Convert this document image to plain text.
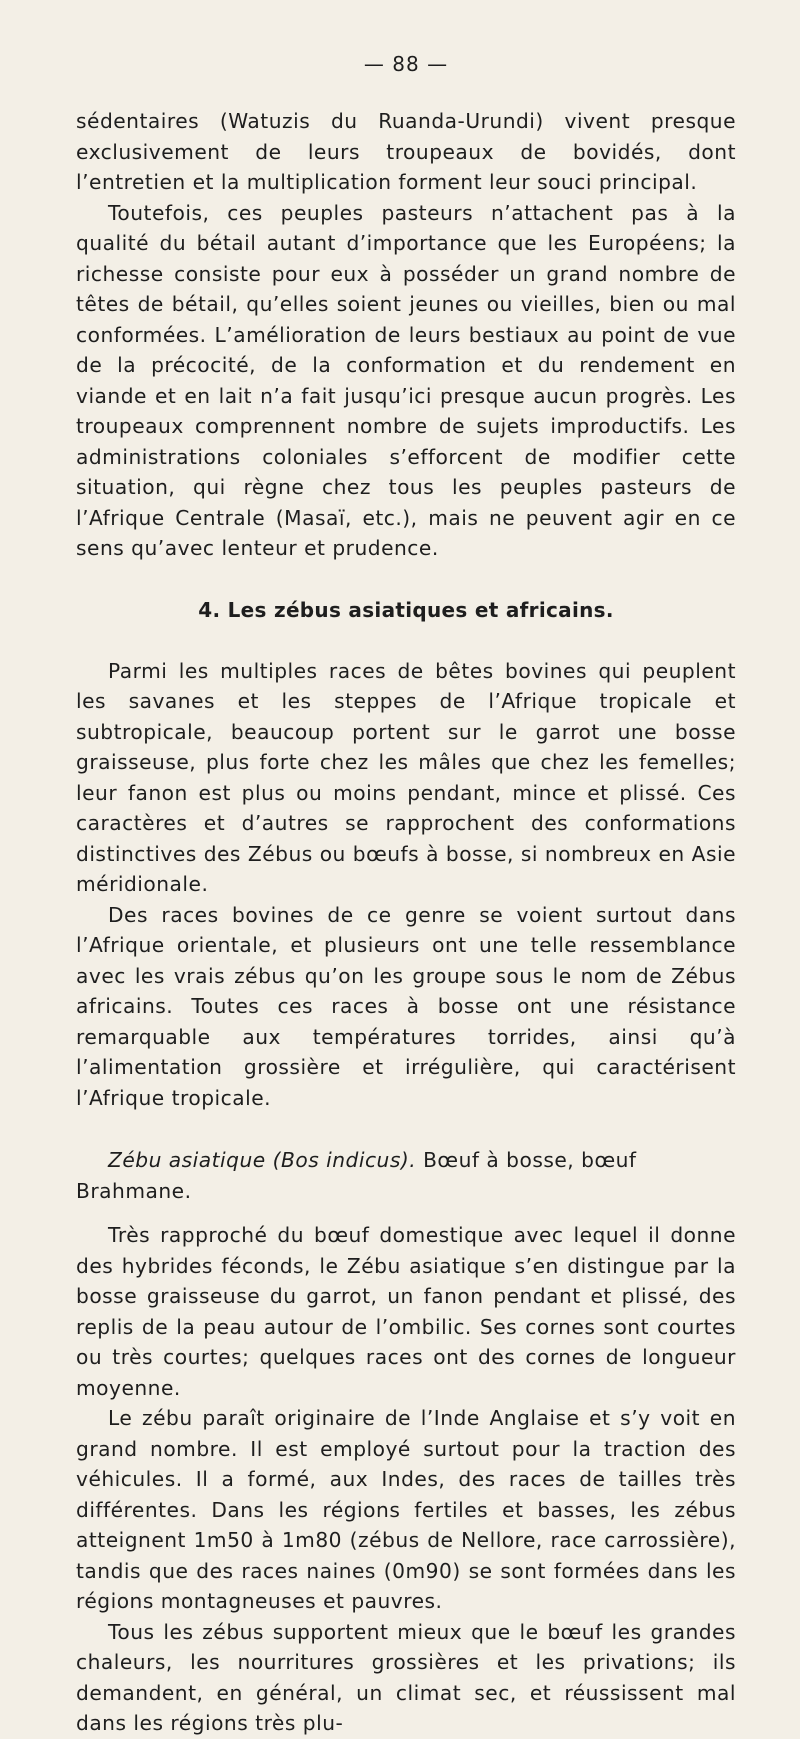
— 88 —

sédentaires (Watuzis du Ruanda-Urundi) vivent presque exclusivement de leurs troupeaux de bovidés, dont l’entretien et la multiplication forment leur souci principal.

Toutefois, ces peuples pasteurs n’attachent pas à la qualité du bétail autant d’importance que les Européens; la richesse consiste pour eux à posséder un grand nombre de têtes de bétail, qu’elles soient jeunes ou vieilles, bien ou mal conformées. L’amélioration de leurs bestiaux au point de vue de la précocité, de la conformation et du rendement en viande et en lait n’a fait jusqu’ici presque aucun progrès. Les troupeaux comprennent nombre de sujets improductifs. Les administrations coloniales s’efforcent de modifier cette situation, qui règne chez tous les peuples pasteurs de l’Afrique Centrale (Masaï, etc.), mais ne peuvent agir en ce sens qu’avec lenteur et prudence.

4. Les zébus asiatiques et africains.

Parmi les multiples races de bêtes bovines qui peuplent les savanes et les steppes de l’Afrique tropicale et subtropicale, beaucoup portent sur le garrot une bosse graisseuse, plus forte chez les mâles que chez les femelles; leur fanon est plus ou moins pendant, mince et plissé. Ces caractères et d’autres se rapprochent des conformations distinctives des Zébus ou bœufs à bosse, si nombreux en Asie méridionale.

Des races bovines de ce genre se voient surtout dans l’Afrique orientale, et plusieurs ont une telle ressemblance avec les vrais zébus qu’on les groupe sous le nom de Zébus africains. Toutes ces races à bosse ont une résistance remarquable aux températures torrides, ainsi qu’à l’alimentation grossière et irrégulière, qui caractérisent l’Afrique tropicale.

Zébu asiatique (Bos indicus). Bœuf à bosse, bœuf Brahmane.

Très rapproché du bœuf domestique avec lequel il donne des hybrides féconds, le Zébu asiatique s’en distingue par la bosse graisseuse du garrot, un fanon pendant et plissé, des replis de la peau autour de l’ombilic. Ses cornes sont courtes ou très courtes; quelques races ont des cornes de longueur moyenne.

Le zébu paraît originaire de l’Inde Anglaise et s’y voit en grand nombre. Il est employé surtout pour la traction des véhicules. Il a formé, aux Indes, des races de tailles très différentes. Dans les régions fertiles et basses, les zébus atteignent 1m50 à 1m80 (zébus de Nellore, race carrossière), tandis que des races naines (0m90) se sont formées dans les régions montagneuses et pauvres.

Tous les zébus supportent mieux que le bœuf les grandes chaleurs, les nourritures grossières et les privations; ils demandent, en général, un climat sec, et réussissent mal dans les régions très plu-
